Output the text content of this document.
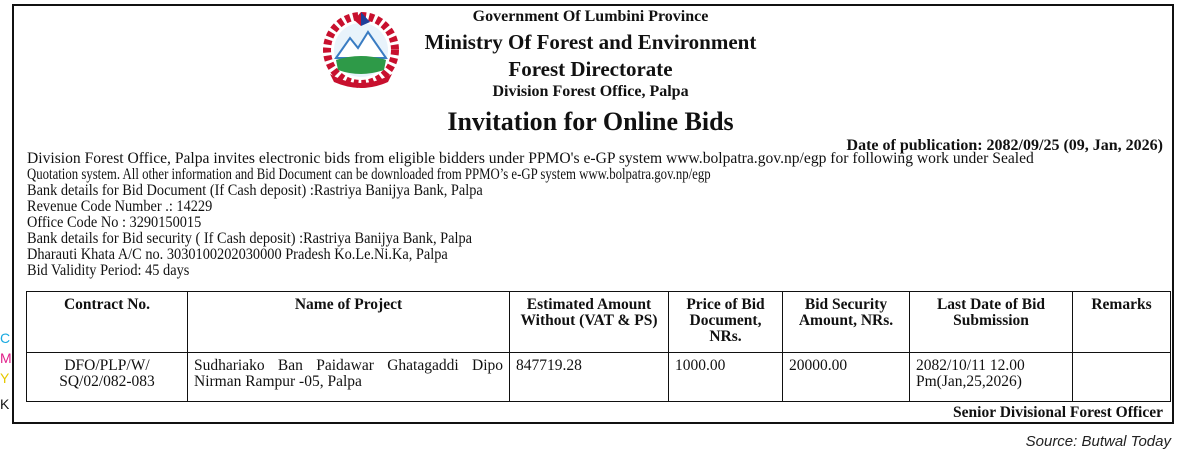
C
M
Y
K
Government Of Lumbini Province
Ministry Of Forest and Environment
Forest Directorate
Division Forest Office, Palpa
Invitation for Online Bids
Date of publication: 2082/09/25 (09, Jan, 2026)
Division Forest Office, Palpa invites electronic bids from eligible bidders under PPMO's e-GP system www.bolpatra.gov.np/egp for following work under Sealed
Quotation system. All other information and Bid Document can be downloaded from PPMO’s e-GP system www.bolpatra.gov.np/egp
Bank details for Bid Document (If Cash deposit) :Rastriya Banijya Bank, Palpa
Revenue Code Number .: 14229
Office Code No : 3290150015
Bank details for Bid security ( If Cash deposit) :Rastriya Banijya Bank, Palpa
Dharauti Khata A/C no. 3030100202030000 Pradesh Ko.Le.Ni.Ka, Palpa
Bid Validity Period: 45 days
Contract No.	Name of Project	Estimated Amount Without (VAT & PS)	Price of Bid Document, NRs.	Bid Security Amount, NRs.	Last Date of Bid Submission	Remarks
DFO/PLP/W/ SQ/02/082-083	Sudhariako Ban Paidawar Ghatagaddi Dipo Nirman Rampur -05, Palpa	847719.28	1000.00	20000.00	2082/10/11 12.00 Pm(Jan,25,2026)	
Senior Divisional Forest Officer
Source: Butwal Today
